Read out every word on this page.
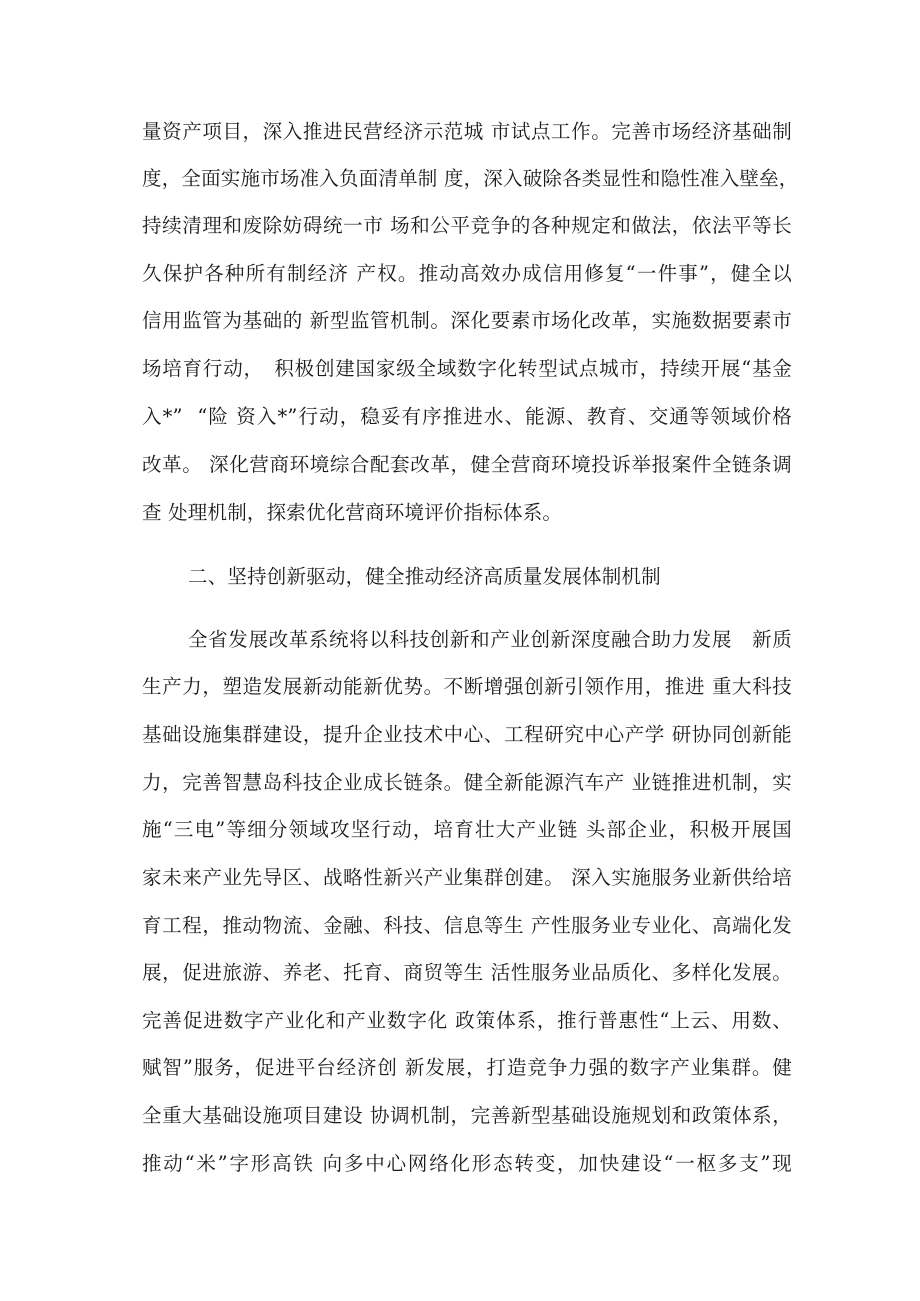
量资产项目，深入推进民营经济示范城 市试点工作。完善市场经济基础制
度，全面实施市场准入负面清单制 度，深入破除各类显性和隐性准入壁垒，
持续清理和废除妨碍统一市 场和公平竞争的各种规定和做法，依法平等长
久保护各种所有制经济 产权。推动高效办成信用修复“一件事”，健全以
信用监管为基础的 新型监管机制。深化要素市场化改革，实施数据要素市
场培育行动，　积极创建国家级全域数字化转型试点城市，持续开展“基金
入*”  “险 资入*”行动，稳妥有序推进水、能源、教育、交通等领域价格
改革。 深化营商环境综合配套改革，健全营商环境投诉举报案件全链条调
查 处理机制，探索优化营商环境评价指标体系。
二、坚持创新驱动，健全推动经济高质量发展体制机制
全省发展改革系统将以科技创新和产业创新深度融合助力发展　新质
生产力，塑造发展新动能新优势。不断增强创新引领作用，推进 重大科技
基础设施集群建设，提升企业技术中心、工程研究中心产学 研协同创新能
力，完善智慧岛科技企业成长链条。健全新能源汽车产 业链推进机制，实
施“三电”等细分领域攻坚行动，培育壮大产业链 头部企业，积极开展国
家未来产业先导区、战略性新兴产业集群创建。 深入实施服务业新供给培
育工程，推动物流、金融、科技、信息等生 产性服务业专业化、高端化发
展，促进旅游、养老、托育、商贸等生 活性服务业品质化、多样化发展。
完善促进数字产业化和产业数字化 政策体系，推行普惠性“上云、用数、
赋智”服务，促进平台经济创 新发展，打造竞争力强的数字产业集群。健
全重大基础设施项目建设 协调机制，完善新型基础设施规划和政策体系，
推动“米”字形高铁 向多中心网络化形态转变，加快建设“一枢多支”现
